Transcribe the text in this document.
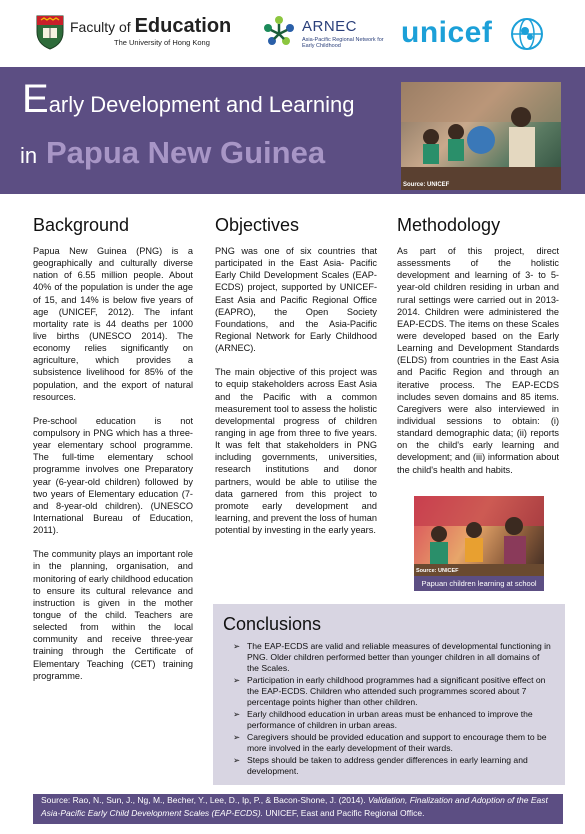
Faculty of Education
The University of Hong Kong
ARNEC
Asia-Pacific Regional Network for Early Childhood	unicef
Early Development and Learning
in Papua New Guinea
Source: UNICEF
Background

Papua New Guinea (PNG) is a geographically and culturally diverse nation of 6.55 million people. About 40% of the population is under the age of 15, and 14% is below five years of age (UNICEF, 2012). The infant mortality rate is 44 deaths per 1000 live births (UNESCO 2014). The economy relies significantly on agriculture, which provides a subsistence livelihood for 85% of the population, and the export of natural resources.

Pre-school education is not compulsory in PNG which has a three-year elementary school programme. The full-time elementary school programme involves one Preparatory year (6-year-old children) followed by two years of Elementary education (7- and 8-year-old children). (UNESCO International Bureau of Education, 2011).

The community plays an important role in the planning, organisation, and monitoring of early childhood education to ensure its cultural relevance and instruction is given in the mother tongue of the child. Teachers are selected from within the local community and receive three-year training through the Certificate of Elementary Teaching (CET) training programme.

Objectives

PNG was one of six countries that participated in the East Asia- Pacific Early Child Development Scales (EAP-ECDS) project, supported by UNICEF- East Asia and Pacific Regional Office (EAPRO), the Open Society Foundations, and the Asia-Pacific Regional Network for Early Childhood (ARNEC).

The main objective of this project was to equip stakeholders across East Asia and the Pacific with a common measurement tool to assess the holistic developmental progress of children ranging in age from three to five years. It was felt that stakeholders in PNG including governments, universities, research institutions and donor partners, would be able to utilise the data garnered from this project to promote early development and learning, and prevent the loss of human potential by investing in the early years.

Methodology

As part of this project, direct assessments of the holistic development and learning of 3- to 5-year-old children residing in urban and rural settings were carried out in 2013-2014. Children were administered the EAP-ECDS. The items on these Scales were developed based on the Early Learning and Development Standards (ELDS) from countries in the East Asia and Pacific Region and through an iterative process. The EAP-ECDS includes seven domains and 85 items. Caregivers were also interviewed in individual sessions to obtain: (i) standard demographic data; (ii) reports on the child's early learning and development; and (iii) information about the child's health and habits.

Source: UNICEF
Papuan children learning at school
Conclusions
➢ The EAP-ECDS are valid and reliable measures of developmental functioning in PNG. Older children performed better than younger children in all domains of the Scales.
➢ Participation in early childhood programmes had a significant positive effect on the EAP-ECDS. Children who attended such programmes scored about 7 percentage points higher than other children.
➢ Early childhood education in urban areas must be enhanced to improve the performance of children in urban areas.
➢ Caregivers should be provided education and support to encourage them to be more involved in the early development of their wards.
➢ Steps should be taken to address gender differences in early learning and development.
Source: Rao, N., Sun, J., Ng, M., Becher, Y., Lee, D., Ip, P., & Bacon-Shone, J. (2014). Validation, Finalization and Adoption of the East Asia-Pacific Early Child Development Scales (EAP-ECDS). UNICEF, East and Pacific Regional Office.
